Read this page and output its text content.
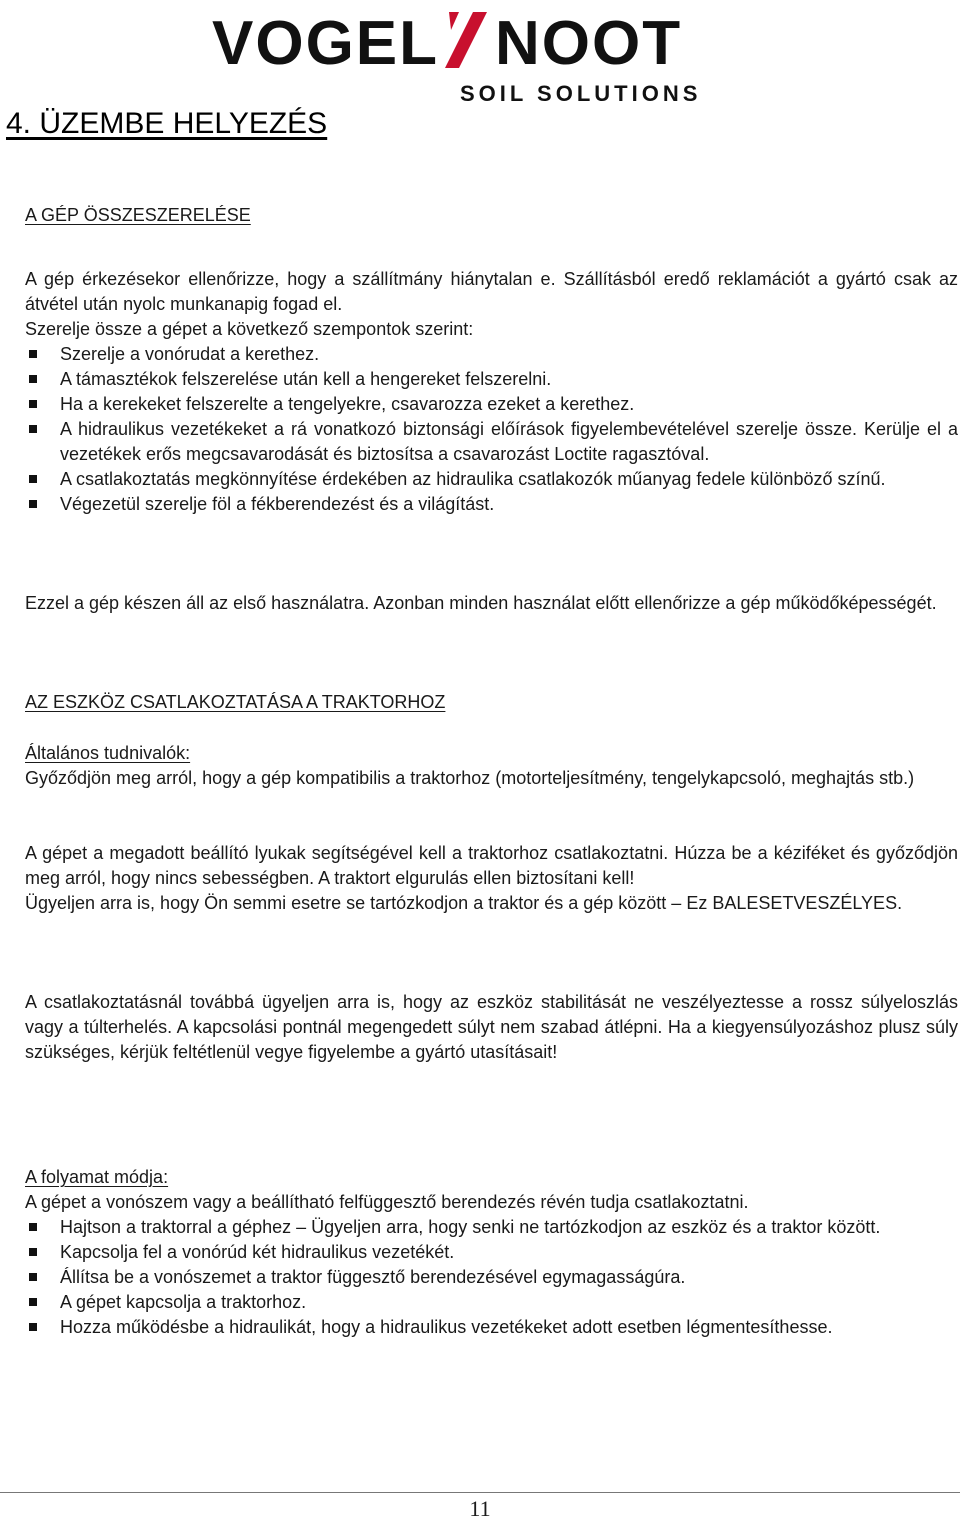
VOGEL NOOT
SOIL SOLUTIONS
4. ÜZEMBE HELYEZÉS
A GÉP ÖSSZESZERELÉSE

A gép érkezésekor ellenőrizze, hogy a szállítmány hiánytalan e. Szállításból eredő reklamációt a gyártó csak az átvétel után nyolc munkanapig fogad el.

Szerelje össze a gépet a következő szempontok szerint:

Szerelje a vonórudat a kerethez.
A támasztékok felszerelése után kell a hengereket felszerelni.
Ha a kerekeket felszerelte a tengelyekre, csavarozza ezeket a kerethez.
A hidraulikus vezetékeket a rá vonatkozó biztonsági előírások figyelembevételével szerelje össze. Kerülje el a vezetékek erős megcsavarodását és biztosítsa a csavarozást Loctite ragasztóval.
A csatlakoztatás megkönnyítése érdekében az hidraulika csatlakozók műanyag fedele különböző színű.
Végezetül szerelje föl a fékberendezést és a világítást.

Ezzel a gép készen áll az első használatra. Azonban minden használat előtt ellenőrizze a gép működőképességét.

AZ ESZKÖZ CSATLAKOZTATÁSA A TRAKTORHOZ
Általános tudnivalók:

Győződjön meg arról, hogy a gép kompatibilis a traktorhoz (motorteljesítmény, tengelykapcsoló, meghajtás stb.)

A gépet a megadott beállító lyukak segítségével kell a traktorhoz csatlakoztatni. Húzza be a kéziféket és győződjön meg arról, hogy nincs sebességben. A traktort elgurulás ellen biztosítani kell!

Ügyeljen arra is, hogy Ön semmi esetre se tartózkodjon a traktor és a gép között – Ez BALESETVESZÉLYES.

A csatlakoztatásnál továbbá ügyeljen arra is, hogy az eszköz stabilitását ne veszélyeztesse a rossz súlyeloszlás vagy a túlterhelés. A kapcsolási pontnál megengedett súlyt nem szabad átlépni. Ha a kiegyensúlyozáshoz plusz súly szükséges, kérjük feltétlenül vegye figyelembe a gyártó utasításait!

A folyamat módja:

A gépet a vonószem vagy a beállítható felfüggesztő berendezés révén tudja csatlakoztatni.

Hajtson a traktorral a géphez – Ügyeljen arra, hogy senki ne tartózkodjon az eszköz és a traktor között.
Kapcsolja fel a vonórúd két hidraulikus vezetékét.
Állítsa be a vonószemet a traktor függesztő berendezésével egymagasságúra.
A gépet kapcsolja a traktorhoz.
Hozza működésbe a hidraulikát, hogy a hidraulikus vezetékeket adott esetben légmentesíthesse.
11
